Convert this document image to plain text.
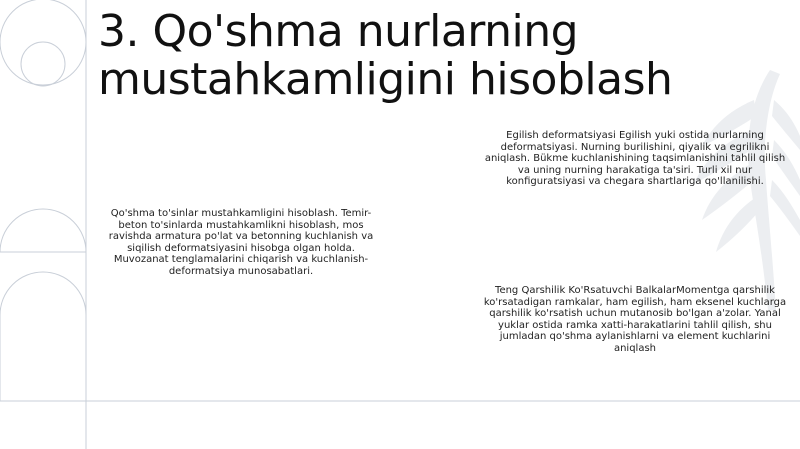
3. Qo'shma nurlarning mustahkamligini hisoblash
Egilish deformatsiyasi Egilish yuki ostida nurlarning deformatsiyasi. Nurning burilishini, qiyalik va egrilikni aniqlash. Bükme kuchlanishining taqsimlanishini tahlil qilish va uning nurning harakatiga ta'siri. Turli xil nur konfiguratsiyasi va chegara shartlariga qo'llanilishi.
Qo'shma to'sinlar mustahkamligini hisoblash. Temir-beton to'sinlarda mustahkamlikni hisoblash, mos ravishda armatura po'lat va betonning kuchlanish va siqilish deformatsiyasini hisobga olgan holda. Muvozanat tenglamalarini chiqarish va kuchlanish-deformatsiya munosabatlari.
Teng Qarshilik Ko'Rsatuvchi BalkalarMomentga qarshilik ko'rsatadigan ramkalar, ham egilish, ham eksenel kuchlarga qarshilik ko'rsatish uchun mutanosib bo'lgan a'zolar. Yanal yuklar ostida ramka xatti-harakatlarini tahlil qilish, shu jumladan qo'shma aylanishlarni va element kuchlarini aniqlash
